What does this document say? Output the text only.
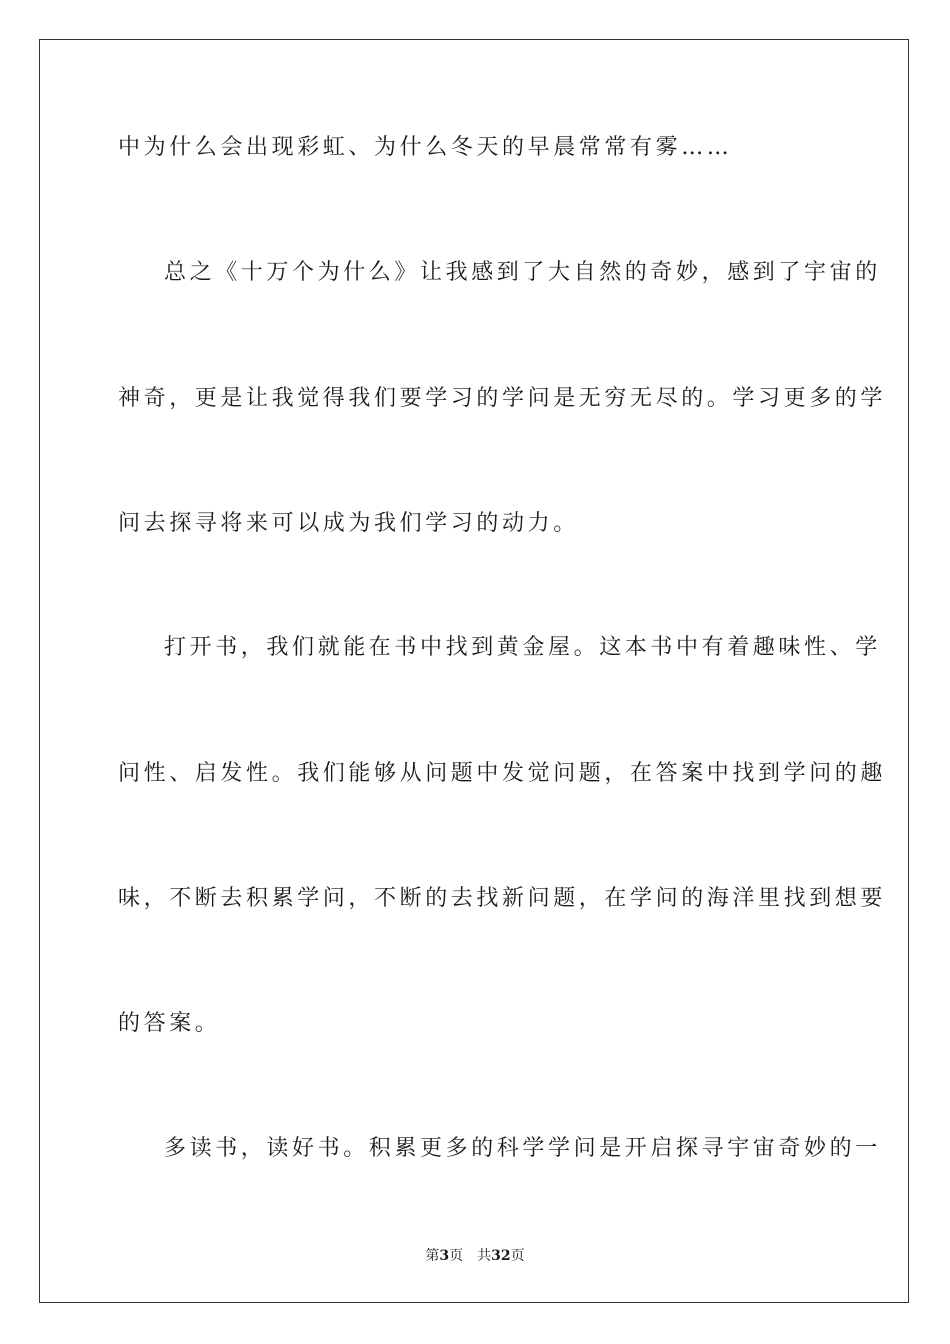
中为什么会出现彩虹、为什么冬天的早晨常常有雾……
总之《十万个为什么》让我感到了大自然的奇妙，感到了宇宙的
神奇，更是让我觉得我们要学习的学问是无穷无尽的。学习更多的学
问去探寻将来可以成为我们学习的动力。
打开书，我们就能在书中找到黄金屋。这本书中有着趣味性、学
问性、启发性。我们能够从问题中发觉问题，在答案中找到学问的趣
味，不断去积累学问，不断的去找新问题，在学问的海洋里找到想要
的答案。
多读书，读好书。积累更多的科学学问是开启探寻宇宙奇妙的一
第3页 共32页
